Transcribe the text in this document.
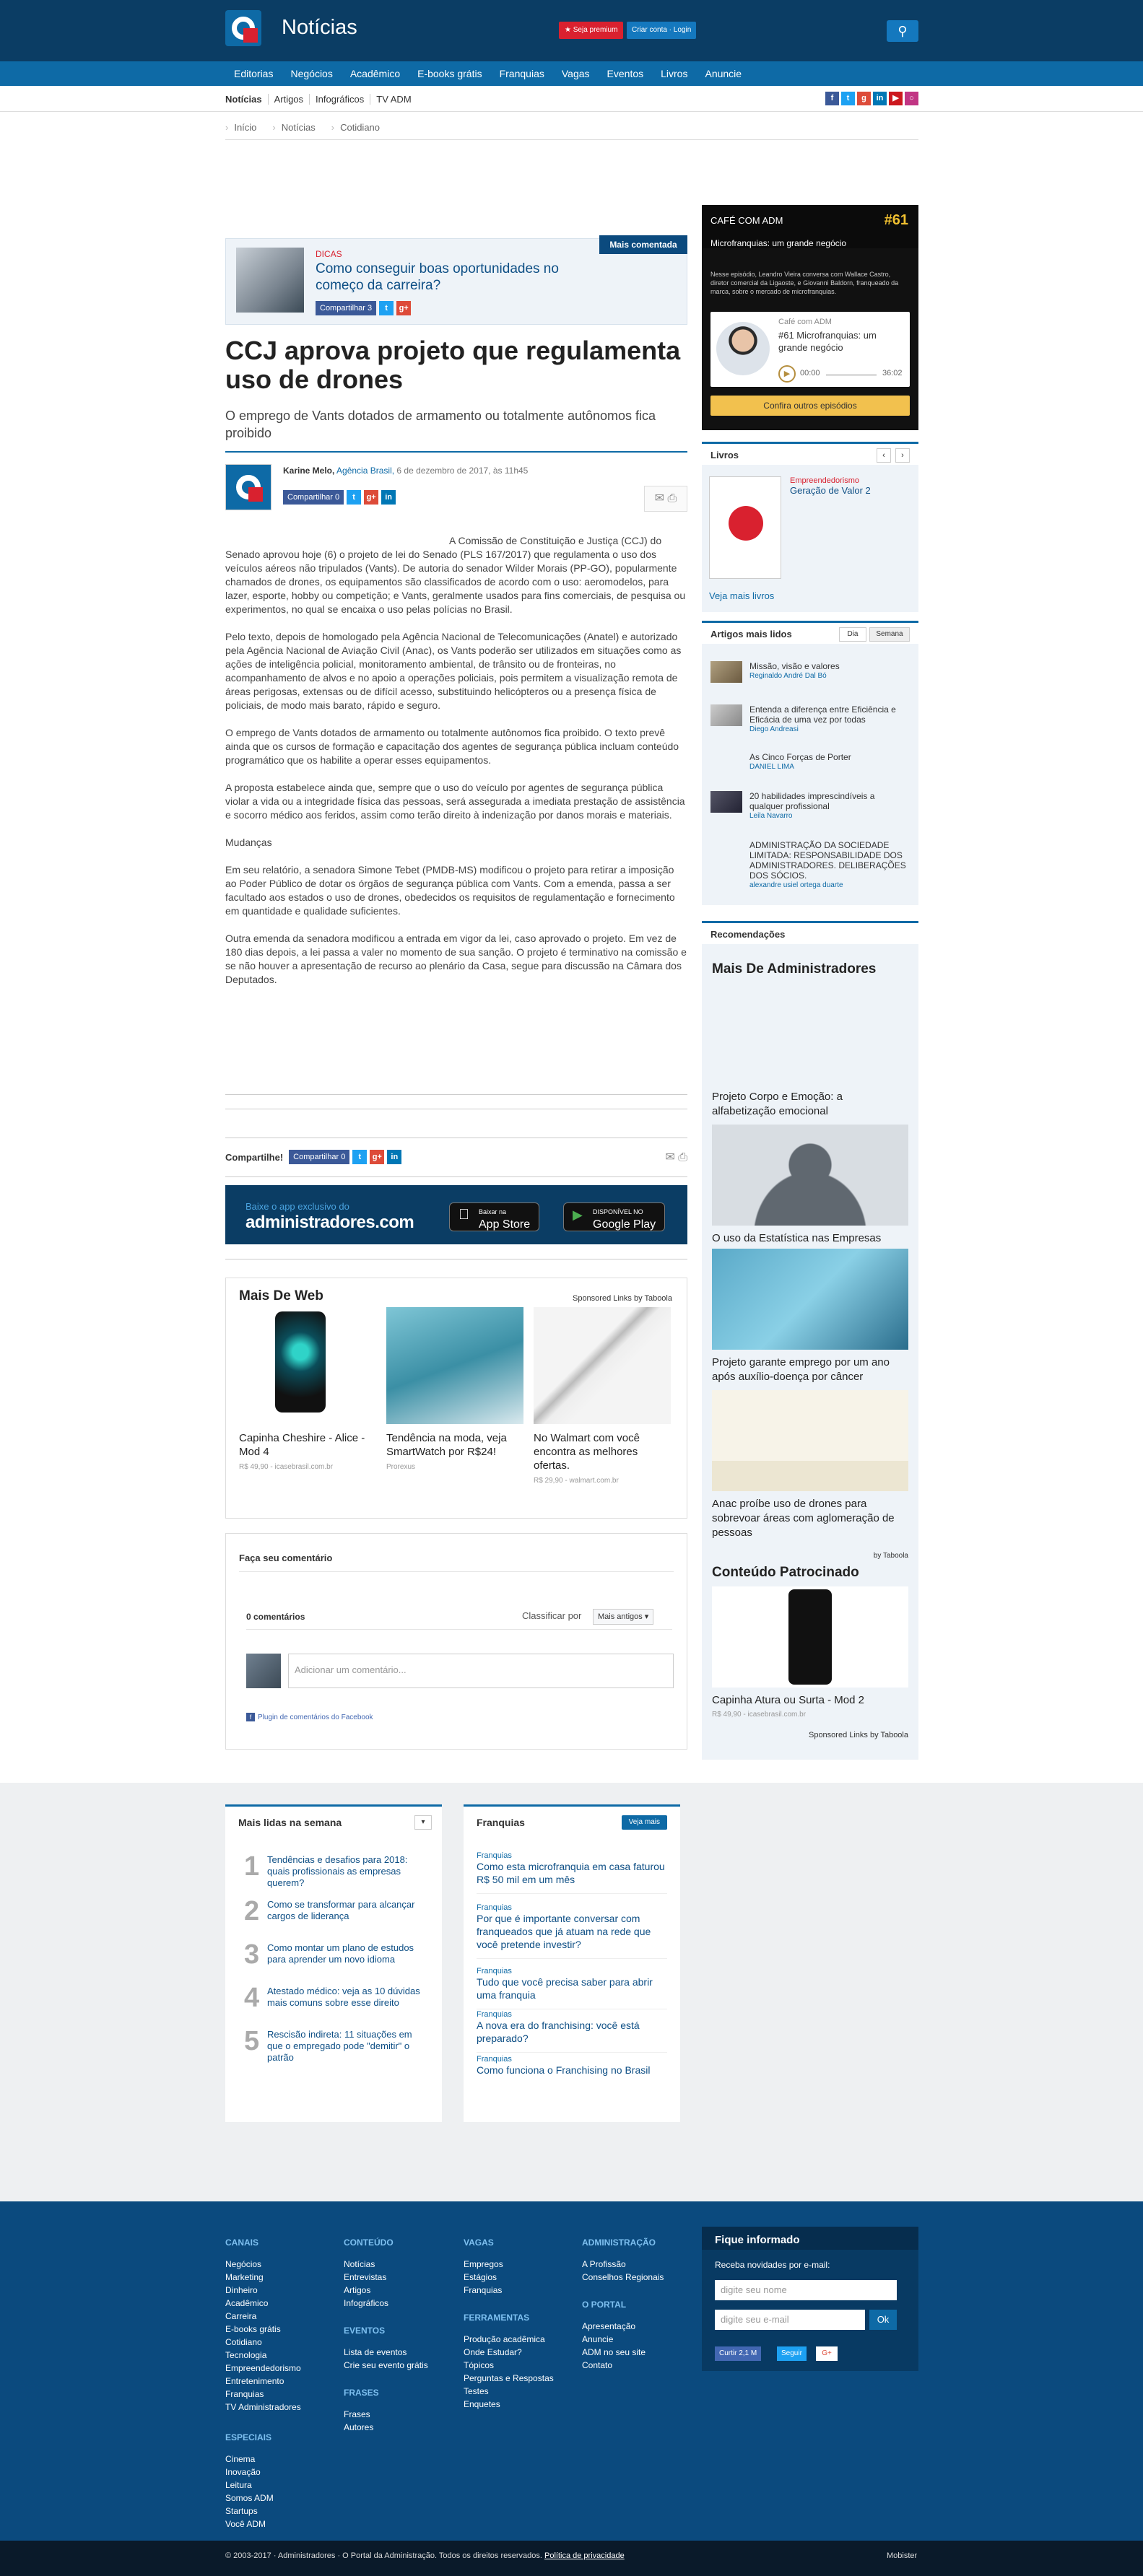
Notícias	★ Seja premium	Criar conta · Login	⚲
Editorias Negócios Acadêmico E-books grátis Franquias Vagas Eventos Livros Anuncie
Notícias	Artigos	Infográficos	TV ADM	f	t	g	in	▶	○
› Início › Notícias › Cotidiano
DICAS
Como conseguir boas oportunidades no começo da carreira?
Compartilhar 3	t	g+
Mais comentada
CCJ aprova projeto que regulamenta uso de drones
O emprego de Vants dotados de armamento ou totalmente autônomos fica proibido
Karine Melo, Agência Brasil, 6 de dezembro de 2017, às 11h45
Compartilhar 0	t	g+	in	✉ ⎙

A Comissão de Constituição e Justiça (CCJ) do Senado aprovou hoje (6) o projeto de lei do Senado (PLS 167/2017) que regulamenta o uso dos veículos aéreos não tripulados (Vants). De autoria do senador Wilder Morais (PP-GO), popularmente chamados de drones, os equipamentos são classificados de acordo com o uso: aeromodelos, para lazer, esporte, hobby ou competição; e Vants, geralmente usados para fins comerciais, de pesquisa ou experimentos, no qual se encaixa o uso pelas polícias no Brasil.

Pelo texto, depois de homologado pela Agência Nacional de Telecomunicações (Anatel) e autorizado pela Agência Nacional de Aviação Civil (Anac), os Vants poderão ser utilizados em situações como as ações de inteligência policial, monitoramento ambiental, de trânsito ou de fronteiras, no acompanhamento de alvos e no apoio a operações policiais, pois permitem a visualização remota de áreas perigosas, extensas ou de difícil acesso, substituindo helicópteros ou a presença física de policiais, de modo mais barato, rápido e seguro.

O emprego de Vants dotados de armamento ou totalmente autônomos fica proibido. O texto prevê ainda que os cursos de formação e capacitação dos agentes de segurança pública incluam conteúdo programático que os habilite a operar esses equipamentos.

A proposta estabelece ainda que, sempre que o uso do veículo por agentes de segurança pública violar a vida ou a integridade física das pessoas, será assegurada a imediata prestação de assistência e socorro médico aos feridos, assim como terão direito à indenização por danos morais e materiais.

Mudanças

Em seu relatório, a senadora Simone Tebet (PMDB-MS) modificou o projeto para retirar a imposição ao Poder Público de dotar os órgãos de segurança pública com Vants. Com a emenda, passa a ser facultado aos estados o uso de drones, obedecidos os requisitos de regulamentação e fornecimento em quantidade e qualidade suficientes.

Outra emenda da senadora modificou a entrada em vigor da lei, caso aprovado o projeto. Em vez de 180 dias depois, a lei passa a valer no momento de sua sanção. O projeto é terminativo na comissão e se não houver a apresentação de recurso ao plenário da Casa, segue para discussão na Câmara dos Deputados.

Compartilhe!	Compartilhar 0	t	g+	in	✉ ⎙
Baixe o app exclusivo do
administradores.com
Baixar na
App Store
DISPONÍVEL NO
Google Play
▶
Mais De Web	Sponsored Links by Taboola
Capinha Cheshire - Alice - Mod 4
R$ 49,90 - icasebrasil.com.br
Tendência na moda, veja SmartWatch por R$24!
Prorexus
No Walmart com você encontra as melhores ofertas.
R$ 29,90 - walmart.com.br
Faça seu comentário
0 comentários	Classificar por	Mais antigos ▾
Adicionar um comentário...
f Plugin de comentários do Facebook
CAFÉ COM ADM	#61
Microfranquias: um grande negócio
Nesse episódio, Leandro Vieira conversa com Wallace Castro, diretor comercial da Ligaoste, e Giovanni Baldorn, franqueado da marca, sobre o mercado de microfranquias.
Café com ADM
#61 Microfranquias: um grande negócio
▶	00:00	36:02
Confira outros episódios
Livros	‹	›
Empreendedorismo
Geração de Valor 2
Veja mais livros
Artigos mais lidos	Dia	Semana
Missão, visão e valores
Reginaldo André Dal Bó
Entenda a diferença entre Eficiência e Eficácia de uma vez por todas
Diego Andreasi
As Cinco Forças de Porter
DANIEL LIMA
20 habilidades imprescindíveis a qualquer profissional
Leila Navarro
ADMINISTRAÇÃO DA SOCIEDADE LIMITADA: RESPONSABILIDADE DOS ADMINISTRADORES. DELIBERAÇÕES DOS SÓCIOS.
alexandre usiel ortega duarte
Recomendações
Mais De Administradores
Projeto Corpo e Emoção: a alfabetização emocional
O uso da Estatística nas Empresas
Projeto garante emprego por um ano após auxílio-doença por câncer
Anac proíbe uso de drones para sobrevoar áreas com aglomeração de pessoas
by Taboola
Conteúdo Patrocinado
Capinha Atura ou Surta - Mod 2
R$ 49,90 - icasebrasil.com.br
Sponsored Links by Taboola
Mais lidas na semana	▾
1 Tendências e desafios para 2018: quais profissionais as empresas querem?
2 Como se transformar para alcançar cargos de liderança
3 Como montar um plano de estudos para aprender um novo idioma
4 Atestado médico: veja as 10 dúvidas mais comuns sobre esse direito
5 Rescisão indireta: 11 situações em que o empregado pode "demitir" o patrão
Franquias	Veja mais
Franquias
Como esta microfranquia em casa faturou R$ 50 mil em um mês
Franquias
Por que é importante conversar com franqueados que já atuam na rede que você pretende investir?
Franquias
Tudo que você precisa saber para abrir uma franquia
Franquias
A nova era do franchising: você está preparado?
Franquias
Como funciona o Franchising no Brasil
CANAIS
Negócios
Marketing
Dinheiro
Acadêmico
Carreira
E-books grátis
Cotidiano
Tecnologia
Empreendedorismo
Entretenimento
Franquias
TV Administradores
ESPECIAIS
Cinema
Inovação
Leitura
Somos ADM
Startups
Você ADM
CONTEÚDO
Notícias
Entrevistas
Artigos
Infográficos
EVENTOS
Lista de eventos
Crie seu evento grátis
FRASES
Frases
Autores
VAGAS
Empregos
Estágios
Franquias
FERRAMENTAS
Produção acadêmica
Onde Estudar?
Tópicos
Perguntas e Respostas
Testes
Enquetes
ADMINISTRAÇÃO
A Profissão
Conselhos Regionais
O PORTAL
Apresentação
Anuncie
ADM no seu site
Contato
Fique informado
Receba novidades por e-mail:
digite seu nome
digite seu e-mail	Ok
Curtir 2,1 M	Seguir	G+
© 2003-2017 · Administradores · O Portal da Administração. Todos os direitos reservados. Política de privacidade	Mobister
